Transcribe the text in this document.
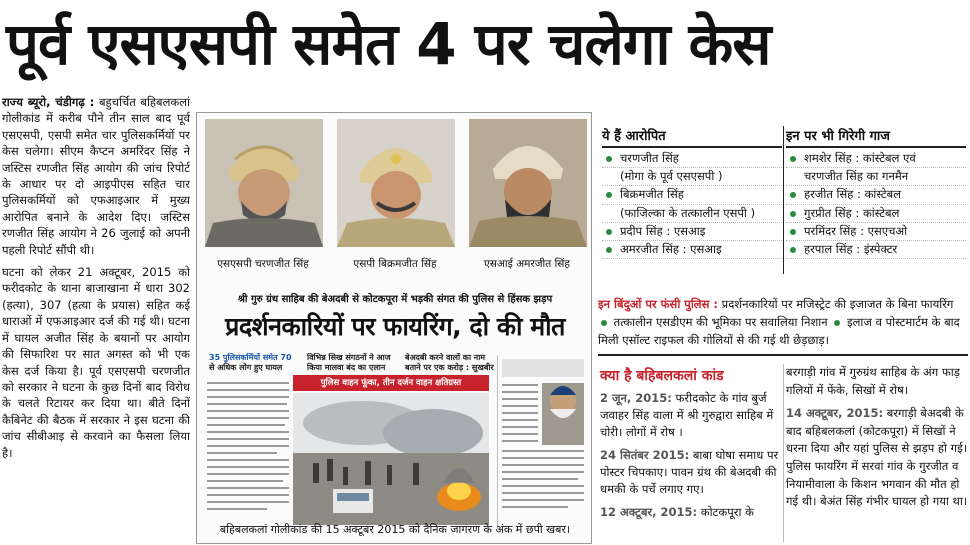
पूर्व एसएसपी समेत 4 पर चलेगा केस

राज्य ब्यूरो, चंडीगढ़ : बहुचर्चित बहिबलकलां गोलीकांड में करीब पौने तीन साल बाद पूर्व एसएसपी, एसपी समेत चार पुलिसकर्मियों पर केस चलेगा। सीएम कैप्टन अमरिंदर सिंह ने जस्टिस रणजीत सिंह आयोग की जांच रिपोर्ट के आधार पर दो आइपीएस सहित चार पुलिसकर्मियों को एफआइआर में मुख्य आरोपित बनाने के आदेश दिए। जस्टिस रणजीत सिंह आयोग ने 26 जुलाई को अपनी पहली रिपोर्ट सौंपी थी।

घटना को लेकर 21 अक्टूबर, 2015 को फरीदकोट के थाना बाजाखाना में धारा 302 (हत्या), 307 (हत्या के प्रयास) सहित कई धाराओं में एफआइआर दर्ज की गई थी। घटना में घायल अजीत सिंह के बयानों पर आयोग की सिफारिश पर सात अगस्त को भी एक केस दर्ज किया है। पूर्व एसएसपी चरणजीत को सरकार ने घटना के कुछ दिनों बाद विरोध के चलते रिटायर कर दिया था। बीते दिनों कैबिनेट की बैठक में सरकार ने इस घटना की जांच सीबीआइ से करवाने का फैसला लिया है।

एसएसपी चरणजीत सिंह	एसपी बिक्रमजीत सिंह	एसआई अमरजीत सिंह
श्री गुरु ग्रंथ साहिब की बेअदबी से कोटकपूरा में भड़की संगत की पुलिस से हिंसक झड़प
प्रदर्शनकारियों पर फायरिंग, दो की मौत
35 पुलिसकर्मियों समेत 70
से अधिक लोग हुए घायल
विभिन्न सिख संगठनों ने आज
किया मालवा बंद का एलान
बेअदबी करने वालों का नाम
बताने पर एक करोड़ : सुखबीर
पुलिस वाहन फूंका, तीन दर्जन वाहन क्षतिग्रस्त
बहिबलकलां गोलीकांड की 15 अक्टूबर 2015 को दैनिक जागरण के अंक में छपी खबर।
ये हैं आरोपित
चरणजीत सिंह
(मोगा के पूर्व एसएसपी )
बिक्रमजीत सिंह
(फाजिल्का के तत्कालीन एसपी )
प्रदीप सिंह : एसआइ
अमरजीत सिंह : एसआइ
इन पर भी गिरेगी गाज
शमशेर सिंह : कांस्टेबल एवं
चरणजीत सिंह का गनमैन
हरजीत सिंह : कांस्टेबल
गुरप्रीत सिंह : कांस्टेबल
परमिंदर सिंह : एसएचओ
हरपाल सिंह : इंस्पेक्टर
इन बिंदुओं पर फंसी पुलिस : प्रदर्शनकारियों पर मजिस्ट्रेट की इजाजत के बिना फायरिंग  तत्कालीन एसडीएम की भूमिका पर सवालिया निशान इलाज व पोस्टमार्टम के बाद मिली एसॉल्ट राइफल की गोलियों से की गई थी छेड़छाड़।
क्या है बहिबलकलां कांड
2 जून, 2015: फरीदकोट के गांव बुर्ज जवाहर सिंह वाला में श्री गुरुद्वारा साहिब में चोरी। लोगों में रोष ।
24 सितंबर 2015: बाबा घोषा समाध पर पोस्टर चिपकाए। पावन ग्रंथ की बेअदबी की धमकी के पर्चे लगाए गए।
12 अक्टूबर, 2015: कोटकपूरा के
बरगाड़ी गांव में गुरुग्रंथ साहिब के अंग फाड़ गलियों में फेंके, सिखों में रोष।
14 अक्टूबर, 2015: बरगाड़ी बेअदबी के बाद बहिबलकलां (कोटकपूरा) में सिखों ने धरना दिया और यहां पुलिस से झड़प हो गई। पुलिस फायरिंग में सरवां गांव के गुरजीत व नियामीवाला के किशन भगवान की मौत हो गई थी। बेअंत सिंह गंभीर घायल हो गया था।
